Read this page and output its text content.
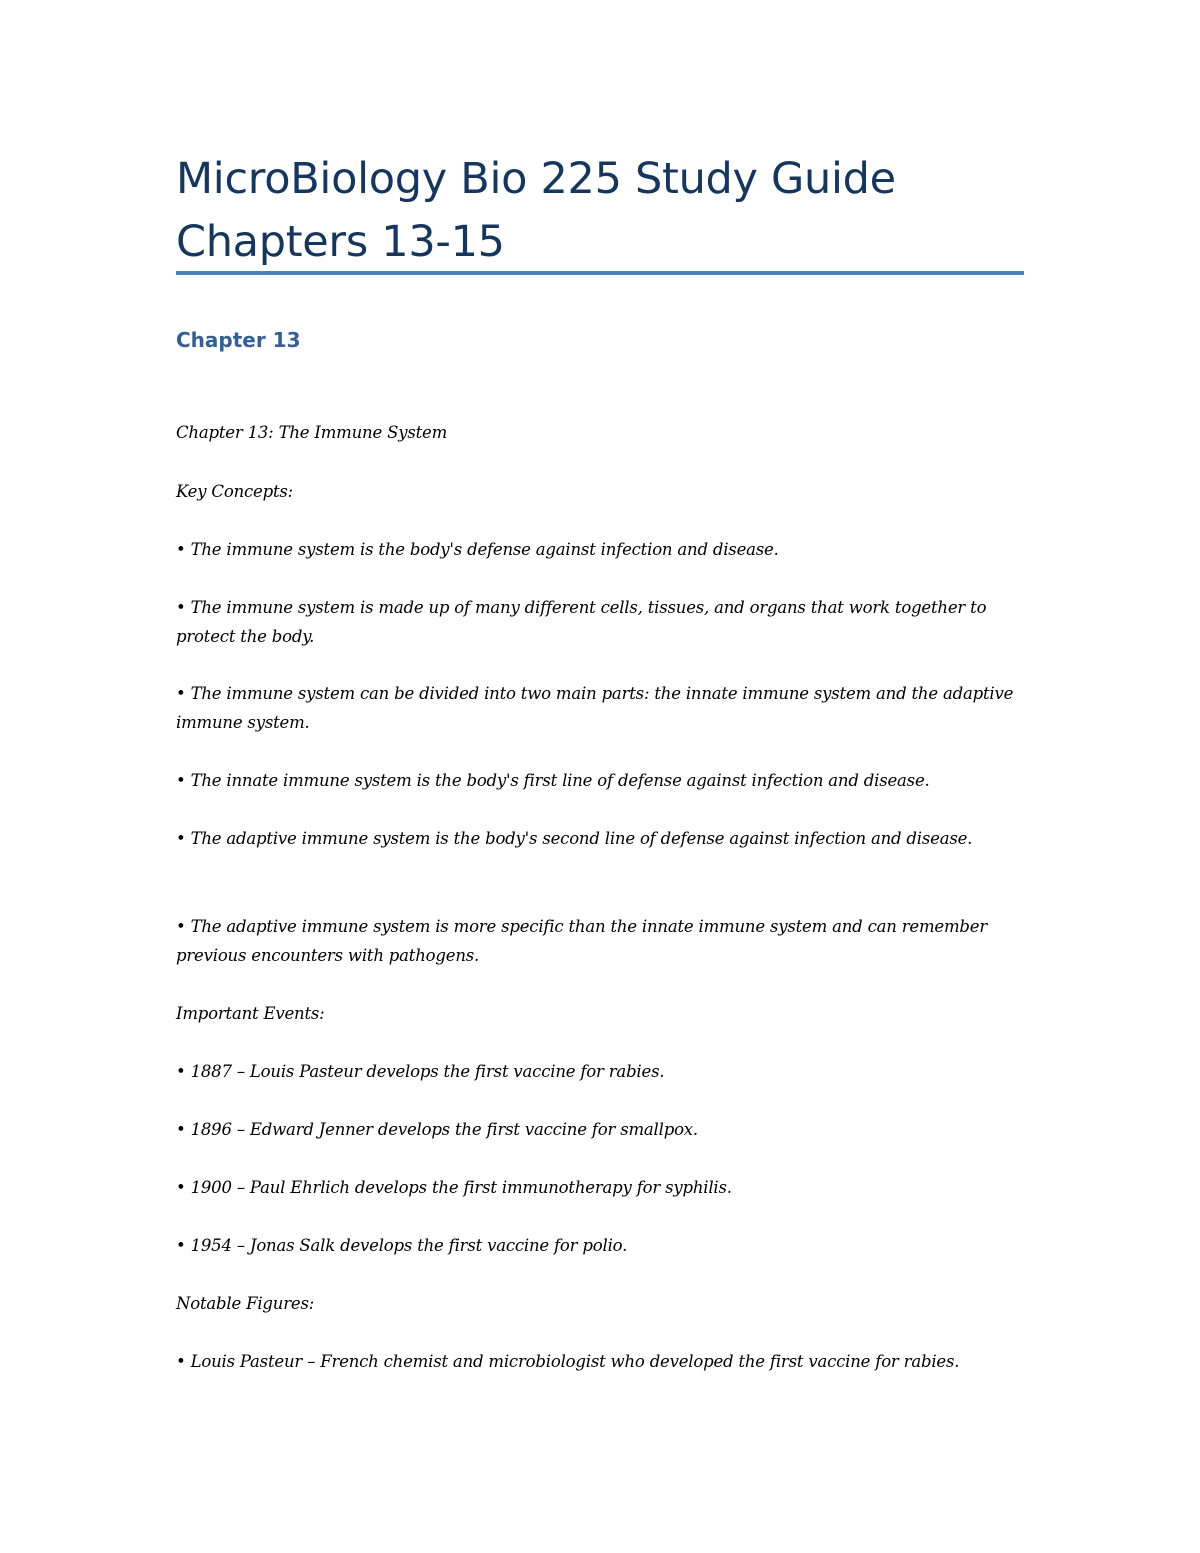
MicroBiology Bio 225 Study Guide
Chapters 13-15
Chapter 13

Chapter 13: The Immune System

Key Concepts:

• The immune system is the body's defense against infection and disease.

• The immune system is made up of many different cells, tissues, and organs that work together to protect the body.

• The immune system can be divided into two main parts: the innate immune system and the adaptive immune system.

• The innate immune system is the body's first line of defense against infection and disease.

• The adaptive immune system is the body's second line of defense against infection and disease.

• The adaptive immune system is more specific than the innate immune system and can remember previous encounters with pathogens.

Important Events:

• 1887 – Louis Pasteur develops the first vaccine for rabies.

• 1896 – Edward Jenner develops the first vaccine for smallpox.

• 1900 – Paul Ehrlich develops the first immunotherapy for syphilis.

• 1954 – Jonas Salk develops the first vaccine for polio.

Notable Figures:

• Louis Pasteur – French chemist and microbiologist who developed the first vaccine for rabies.
